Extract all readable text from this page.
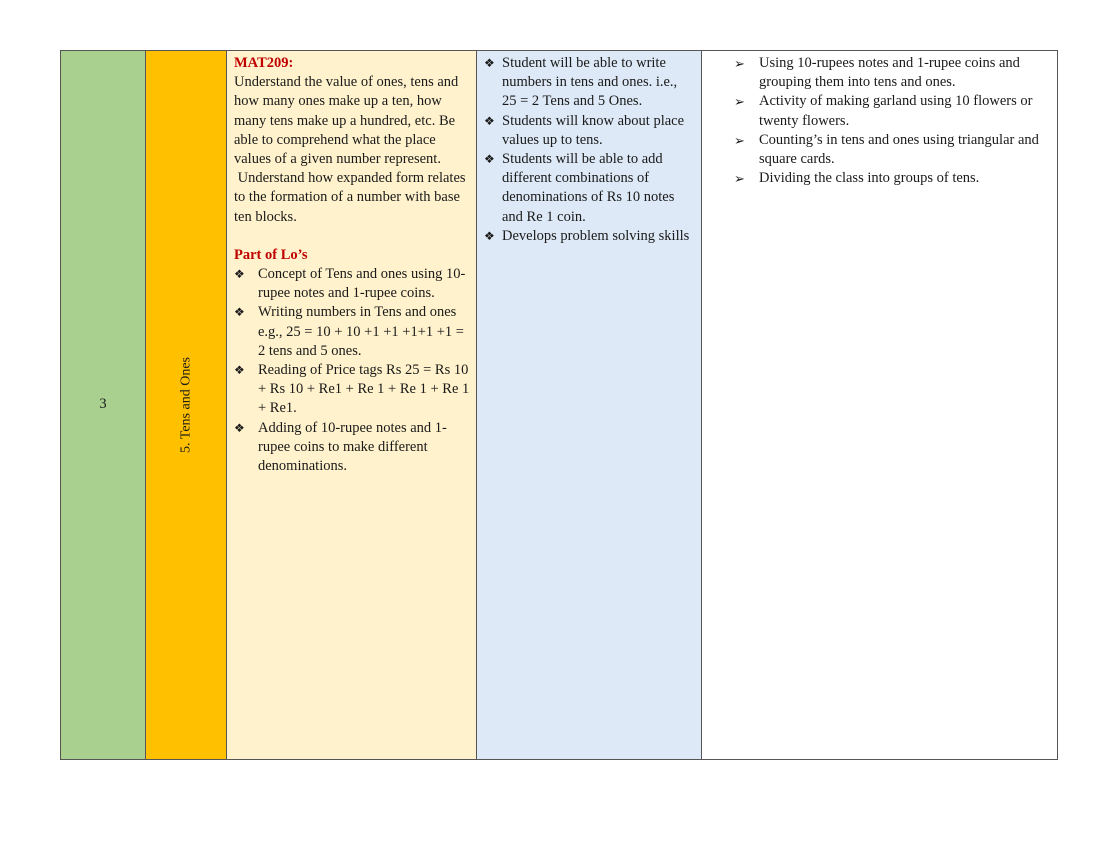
3	5. Tens and Ones

MAT209:
Understand the value of ones, tens and how many ones make up a ten, how many tens make up a hundred, etc. Be able to comprehend what the place values of a given number represent.
Understand how expanded form relates to the formation of a number with base ten blocks.
Part of Lo’s
❖ Concept of Tens and ones using 10- rupee notes and 1-rupee coins.
❖ Writing numbers in Tens and ones e.g., 25 = 10 + 10 +1 +1 +1+1 +1 = 2 tens and 5 ones.
❖ Reading of Price tags Rs 25 = Rs 10 + Rs 10 + Re1 + Re 1 + Re 1 + Re 1 + Re1.
❖ Adding of 10-rupee notes and 1-rupee coins to make different denominations.

❖ Student will be able to write numbers in tens and ones. i.e., 25 = 2 Tens and 5 Ones.
❖ Students will know about place values up to tens.
❖ Students will be able to add different combinations of denominations of Rs 10 notes and Re 1 coin.
❖ Develops problem solving skills

➢ Using 10-rupees notes and 1-rupee coins and grouping them into tens and ones.
➢ Activity of making garland using 10 flowers or twenty flowers.
➢ Counting’s in tens and ones using triangular and square cards.
➢ Dividing the class into groups of tens.
